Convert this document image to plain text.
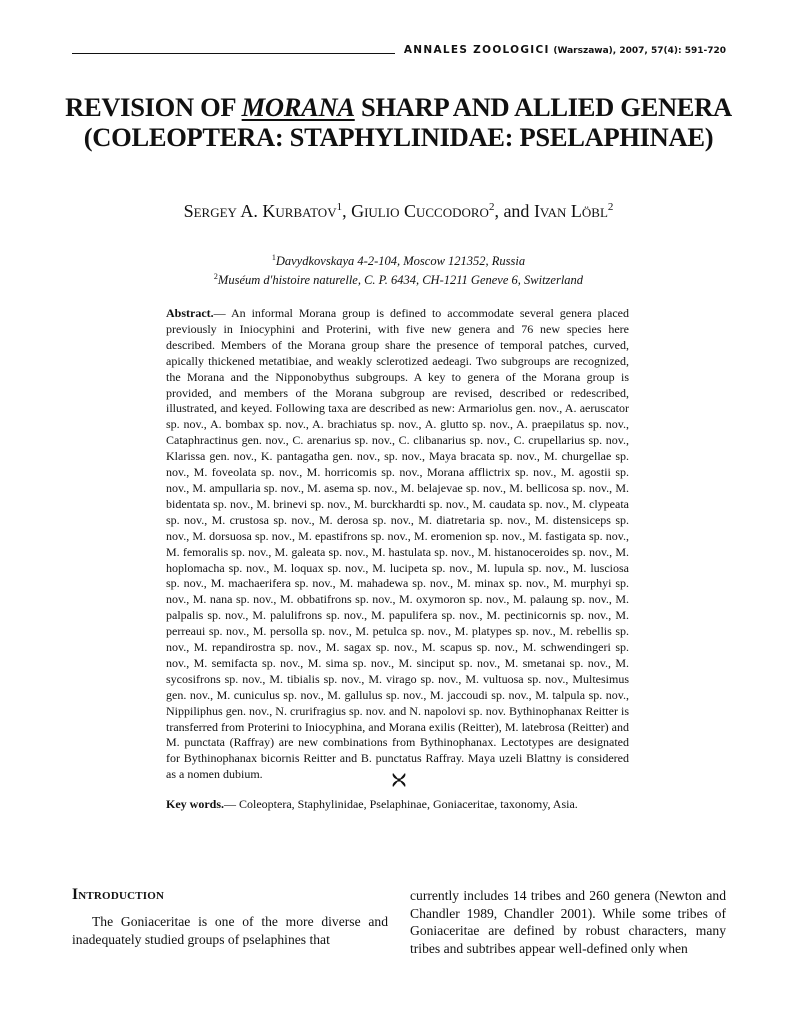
ANNALES ZOOLOGICI (Warszawa), 2007, 57(4): 591-720
REVISION OF MORANA SHARP AND ALLIED GENERA
(COLEOPTERA: STAPHYLINIDAE: PSELAPHINAE)
Sergey A. Kurbatov$^1$, Giulio Cuccodoro$^2$, and Ivan Löbl$^2$
$^1$Davydkovskaya 4-2-104, Moscow 121352, Russia
$^2$Muséum d'histoire naturelle, C. P. 6434, CH-1211 Geneve 6, Switzerland
Abstract.— An informal Morana group is defined to accommodate several genera placed previously in Iniocyphini and Proterini, with five new genera and 76 new species here described. Members of the Morana group share the presence of temporal patches, curved, apically thickened metatibiae, and weakly sclerotized aedeagi. Two subgroups are recognized, the Morana and the Nipponobythus subgroups. A key to genera of the Morana group is provided, and members of the Morana subgroup are revised, described or redescribed, illustrated, and keyed. Following taxa are described as new: Armariolus gen. nov., A. aeruscator sp. nov., A. bombax sp. nov., A. brachiatus sp. nov., A. glutto sp. nov., A. praepilatus sp. nov., Cataphractinus gen. nov., C. arenarius sp. nov., C. clibanarius sp. nov., C. crupellarius sp. nov., Klarissa gen. nov., K. pantagatha gen. nov., sp. nov., Maya bracata sp. nov., M. churgellae sp. nov., M. foveolata sp. nov., M. horricomis sp. nov., Morana afflictrix sp. nov., M. agostii sp. nov., M. ampullaria sp. nov., M. asema sp. nov., M. belajevae sp. nov., M. bellicosa sp. nov., M. bidentata sp. nov., M. brinevi sp. nov., M. burckhardti sp. nov., M. caudata sp. nov., M. clypeata sp. nov., M. crustosa sp. nov., M. derosa sp. nov., M. diatretaria sp. nov., M. distensiceps sp. nov., M. dorsuosa sp. nov., M. epastifrons sp. nov., M. eromenion sp. nov., M. fastigata sp. nov., M. femoralis sp. nov., M. galeata sp. nov., M. hastulata sp. nov., M. histanoceroides sp. nov., M. hoplomacha sp. nov., M. loquax sp. nov., M. lucipeta sp. nov., M. lupula sp. nov., M. lusciosa sp. nov., M. machaerifera sp. nov., M. mahadewa sp. nov., M. minax sp. nov., M. murphyi sp. nov., M. nana sp. nov., M. obbatifrons sp. nov., M. oxymoron sp. nov., M. palaung sp. nov., M. palpalis sp. nov., M. palulifrons sp. nov., M. papulifera sp. nov., M. pectinicornis sp. nov., M. perreaui sp. nov., M. persolla sp. nov., M. petulca sp. nov., M. platypes sp. nov., M. rebellis sp. nov., M. repandirostra sp. nov., M. sagax sp. nov., M. scapus sp. nov., M. schwendingeri sp. nov., M. semifacta sp. nov., M. sima sp. nov., M. sinciput sp. nov., M. smetanai sp. nov., M. sycosifrons sp. nov., M. tibialis sp. nov., M. virago sp. nov., M. vultuosa sp. nov., Multesimus gen. nov., M. cuniculus sp. nov., M. gallulus sp. nov., M. jaccoudi sp. nov., M. talpula sp. nov., Nippiliphus gen. nov., N. crurifragius sp. nov. and N. napolovi sp. nov. Bythinophanax Reitter is transferred from Proterini to Iniocyphina, and Morana exilis (Reitter), M. latebrosa (Reitter) and M. punctata (Raffray) are new combinations from Bythinophanax. Lectotypes are designated for Bythinophanax bicornis Reitter and B. punctatus Raffray. Maya uzeli Blattny is considered as a nomen dubium.
Key words.— Coleoptera, Staphylinidae, Pselaphinae, Goniaceritae, taxonomy, Asia.
Introduction

The Goniaceritae is one of the more diverse and inadequately studied groups of pselaphines that

currently includes 14 tribes and 260 genera (Newton and Chandler 1989, Chandler 2001). While some tribes of Goniaceritae are defined by robust characters, many tribes and subtribes appear well-defined only when
